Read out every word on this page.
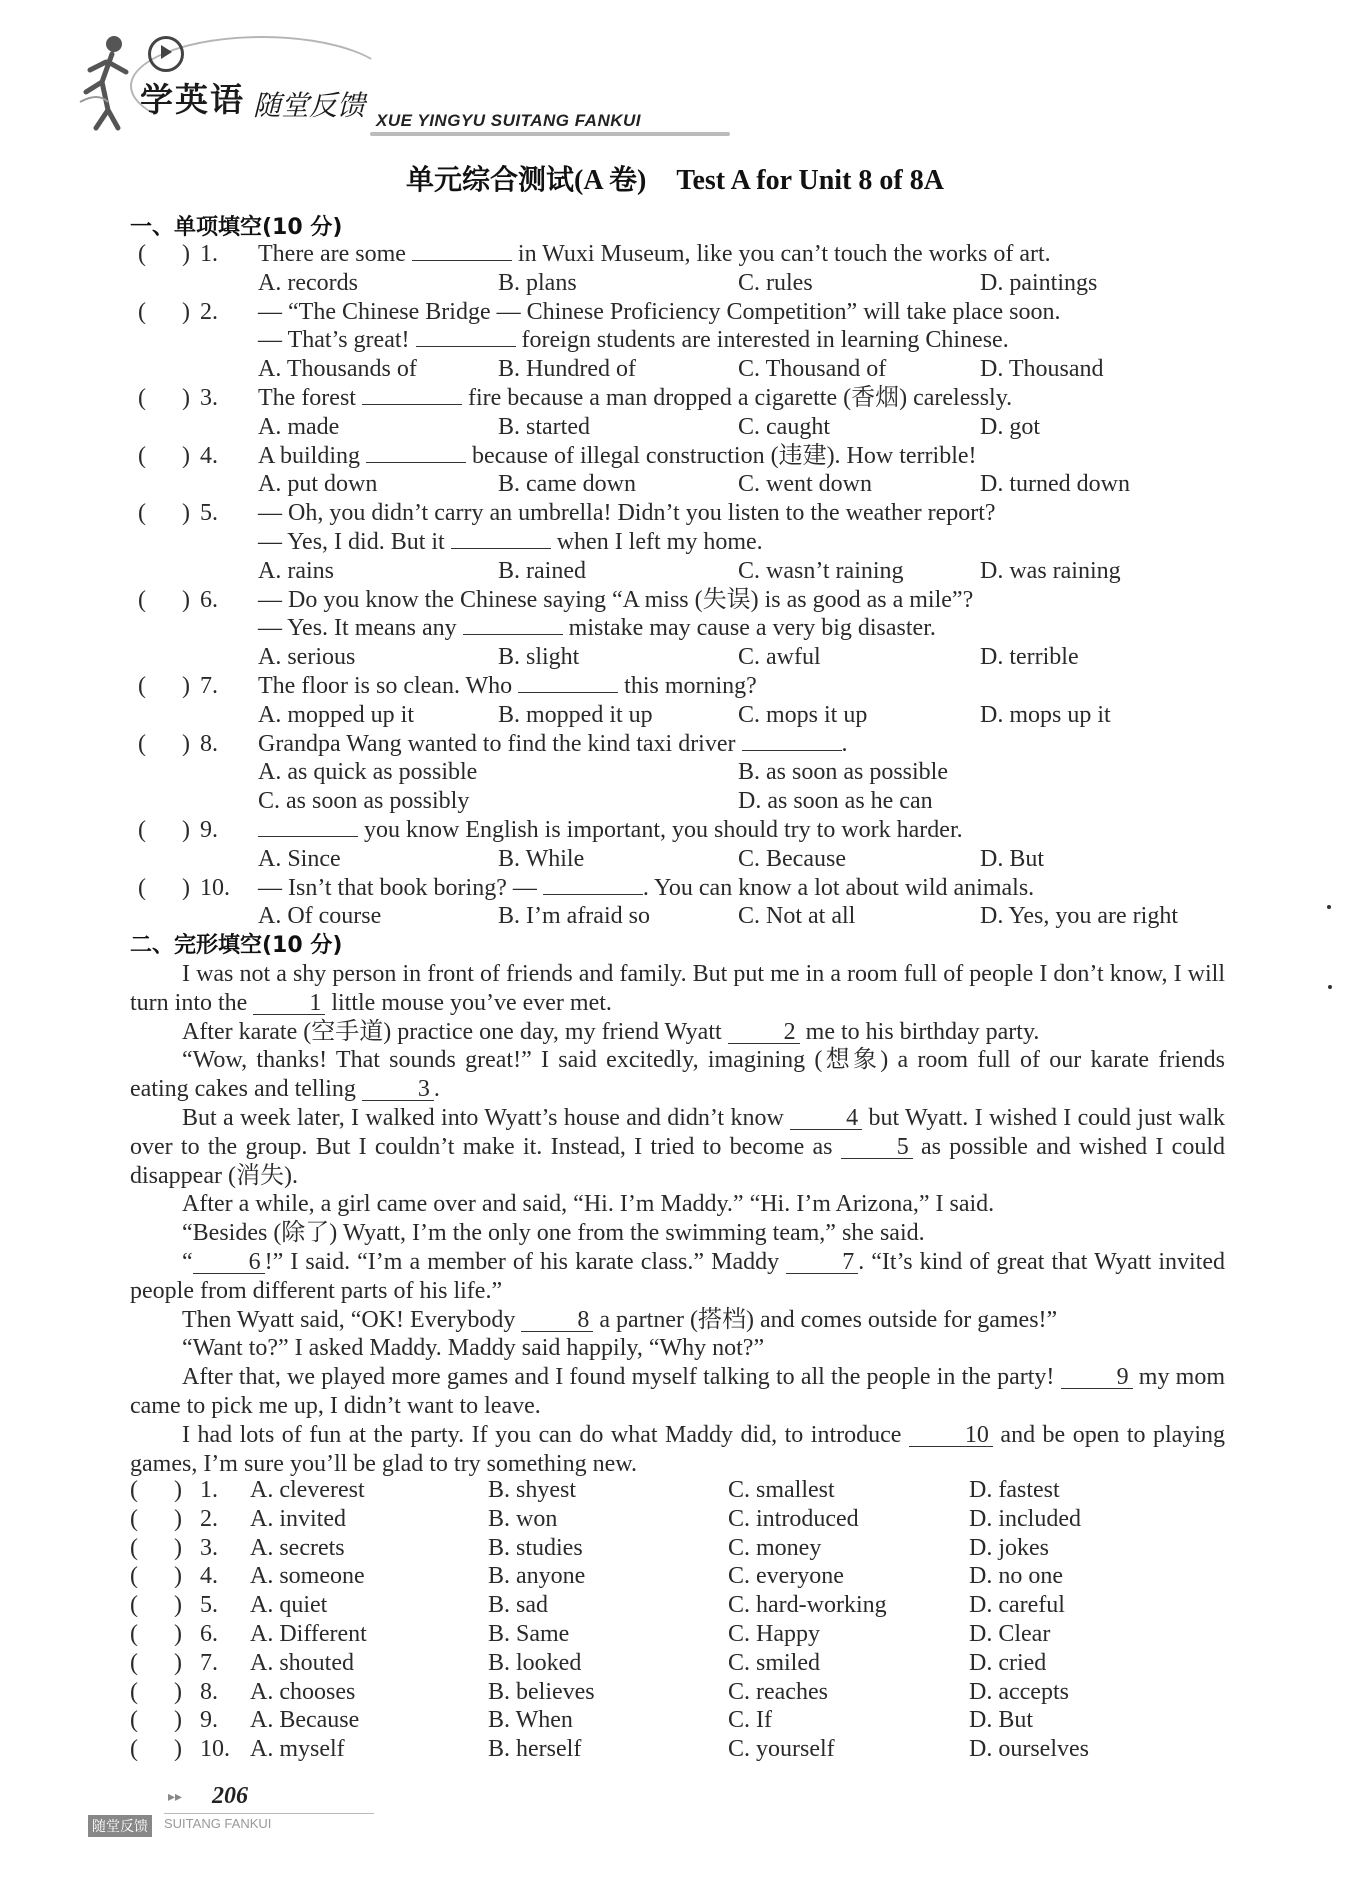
学英语 随堂反馈 XUE YINGYU SUITANG FANKUI
单元综合测试(A 卷) Test A for Unit 8 of 8A
一、单项填空(10 分)
(      ) 1. There are some	in Wuxi Museum, like you can’t touch the works of art.
A. records	B. plans	C. rules	D. paintings
(      ) 2. — “The Chinese Bridge — Chinese Proficiency Competition” will take place soon.
— That’s great!	foreign students are interested in learning Chinese.
A. Thousands of	B. Hundred of	C. Thousand of	D. Thousand
(      ) 3. The forest	fire because a man dropped a cigarette (香烟) carelessly.
A. made	B. started	C. caught	D. got
(      ) 4. A building	because of illegal construction (违建). How terrible!
A. put down	B. came down	C. went down	D. turned down
(      ) 5. — Oh, you didn’t carry an umbrella! Didn’t you listen to the weather report?
— Yes, I did. But it	when I left my home.
A. rains	B. rained	C. wasn’t raining	D. was raining
(      ) 6. — Do you know the Chinese saying “A miss (失误) is as good as a mile”?
— Yes. It means any	mistake may cause a very big disaster.
A. serious	B. slight	C. awful	D. terrible
(      ) 7. The floor is so clean. Who	this morning?
A. mopped up it	B. mopped it up	C. mops it up	D. mops up it
(      ) 8. Grandpa Wang wanted to find the kind taxi driver	.
A. as quick as possible	B. as soon as possible
C. as soon as possibly	D. as soon as he can
(      ) 9.	you know English is important, you should try to work harder.
A. Since	B. While	C. Because	D. But
(      ) 10. — Isn’t that book boring? —	. You can know a lot about wild animals.
A. Of course	B. I’m afraid so	C. Not at all	D. Yes, you are right
二、完形填空(10 分)

I was not a shy person in front of friends and family. But put me in a room full of people I don’t know, I will turn into the 1 little mouse you’ve ever met.

After karate (空手道) practice one day, my friend Wyatt 2 me to his birthday party.

“Wow, thanks! That sounds great!” I said excitedly, imagining (想象) a room full of our karate friends eating cakes and telling 3 .

But a week later, I walked into Wyatt’s house and didn’t know 4 but Wyatt. I wished I could just walk over to the group. But I couldn’t make it. Instead, I tried to become as 5 as possible and wished I could disappear (消失).

After a while, a girl came over and said, “Hi. I’m Maddy.” “Hi. I’m Arizona,” I said.

“Besides (除了) Wyatt, I’m the only one from the swimming team,” she said.

“ 6 !” I said. “I’m a member of his karate class.” Maddy 7 . “It’s kind of great that Wyatt invited people from different parts of his life.”

Then Wyatt said, “OK! Everybody 8 a partner (搭档) and comes outside for games!”

“Want to?” I asked Maddy. Maddy said happily, “Why not?”

After that, we played more games and I found myself talking to all the people in the party! 9 my mom came to pick me up, I didn’t want to leave.

I had lots of fun at the party. If you can do what Maddy did, to introduce 10 and be open to playing games, I’m sure you’ll be glad to try something new.

(      ) 1. A. cleverest	B. shyest	C. smallest	D. fastest
(      ) 2. A. invited	B. won	C. introduced	D. included
(      ) 3. A. secrets	B. studies	C. money	D. jokes
(      ) 4. A. someone	B. anyone	C. everyone	D. no one
(      ) 5. A. quiet	B. sad	C. hard-working	D. careful
(      ) 6. A. Different	B. Same	C. Happy	D. Clear
(      ) 7. A. shouted	B. looked	C. smiled	D. cried
(      ) 8. A. chooses	B. believes	C. reaches	D. accepts
(      ) 9. A. Because	B. When	C. If	D. But
(      ) 10. A. myself	B. herself	C. yourself	D. ourselves
▸▸ 206
随堂反馈	SUITANG FANKUI
